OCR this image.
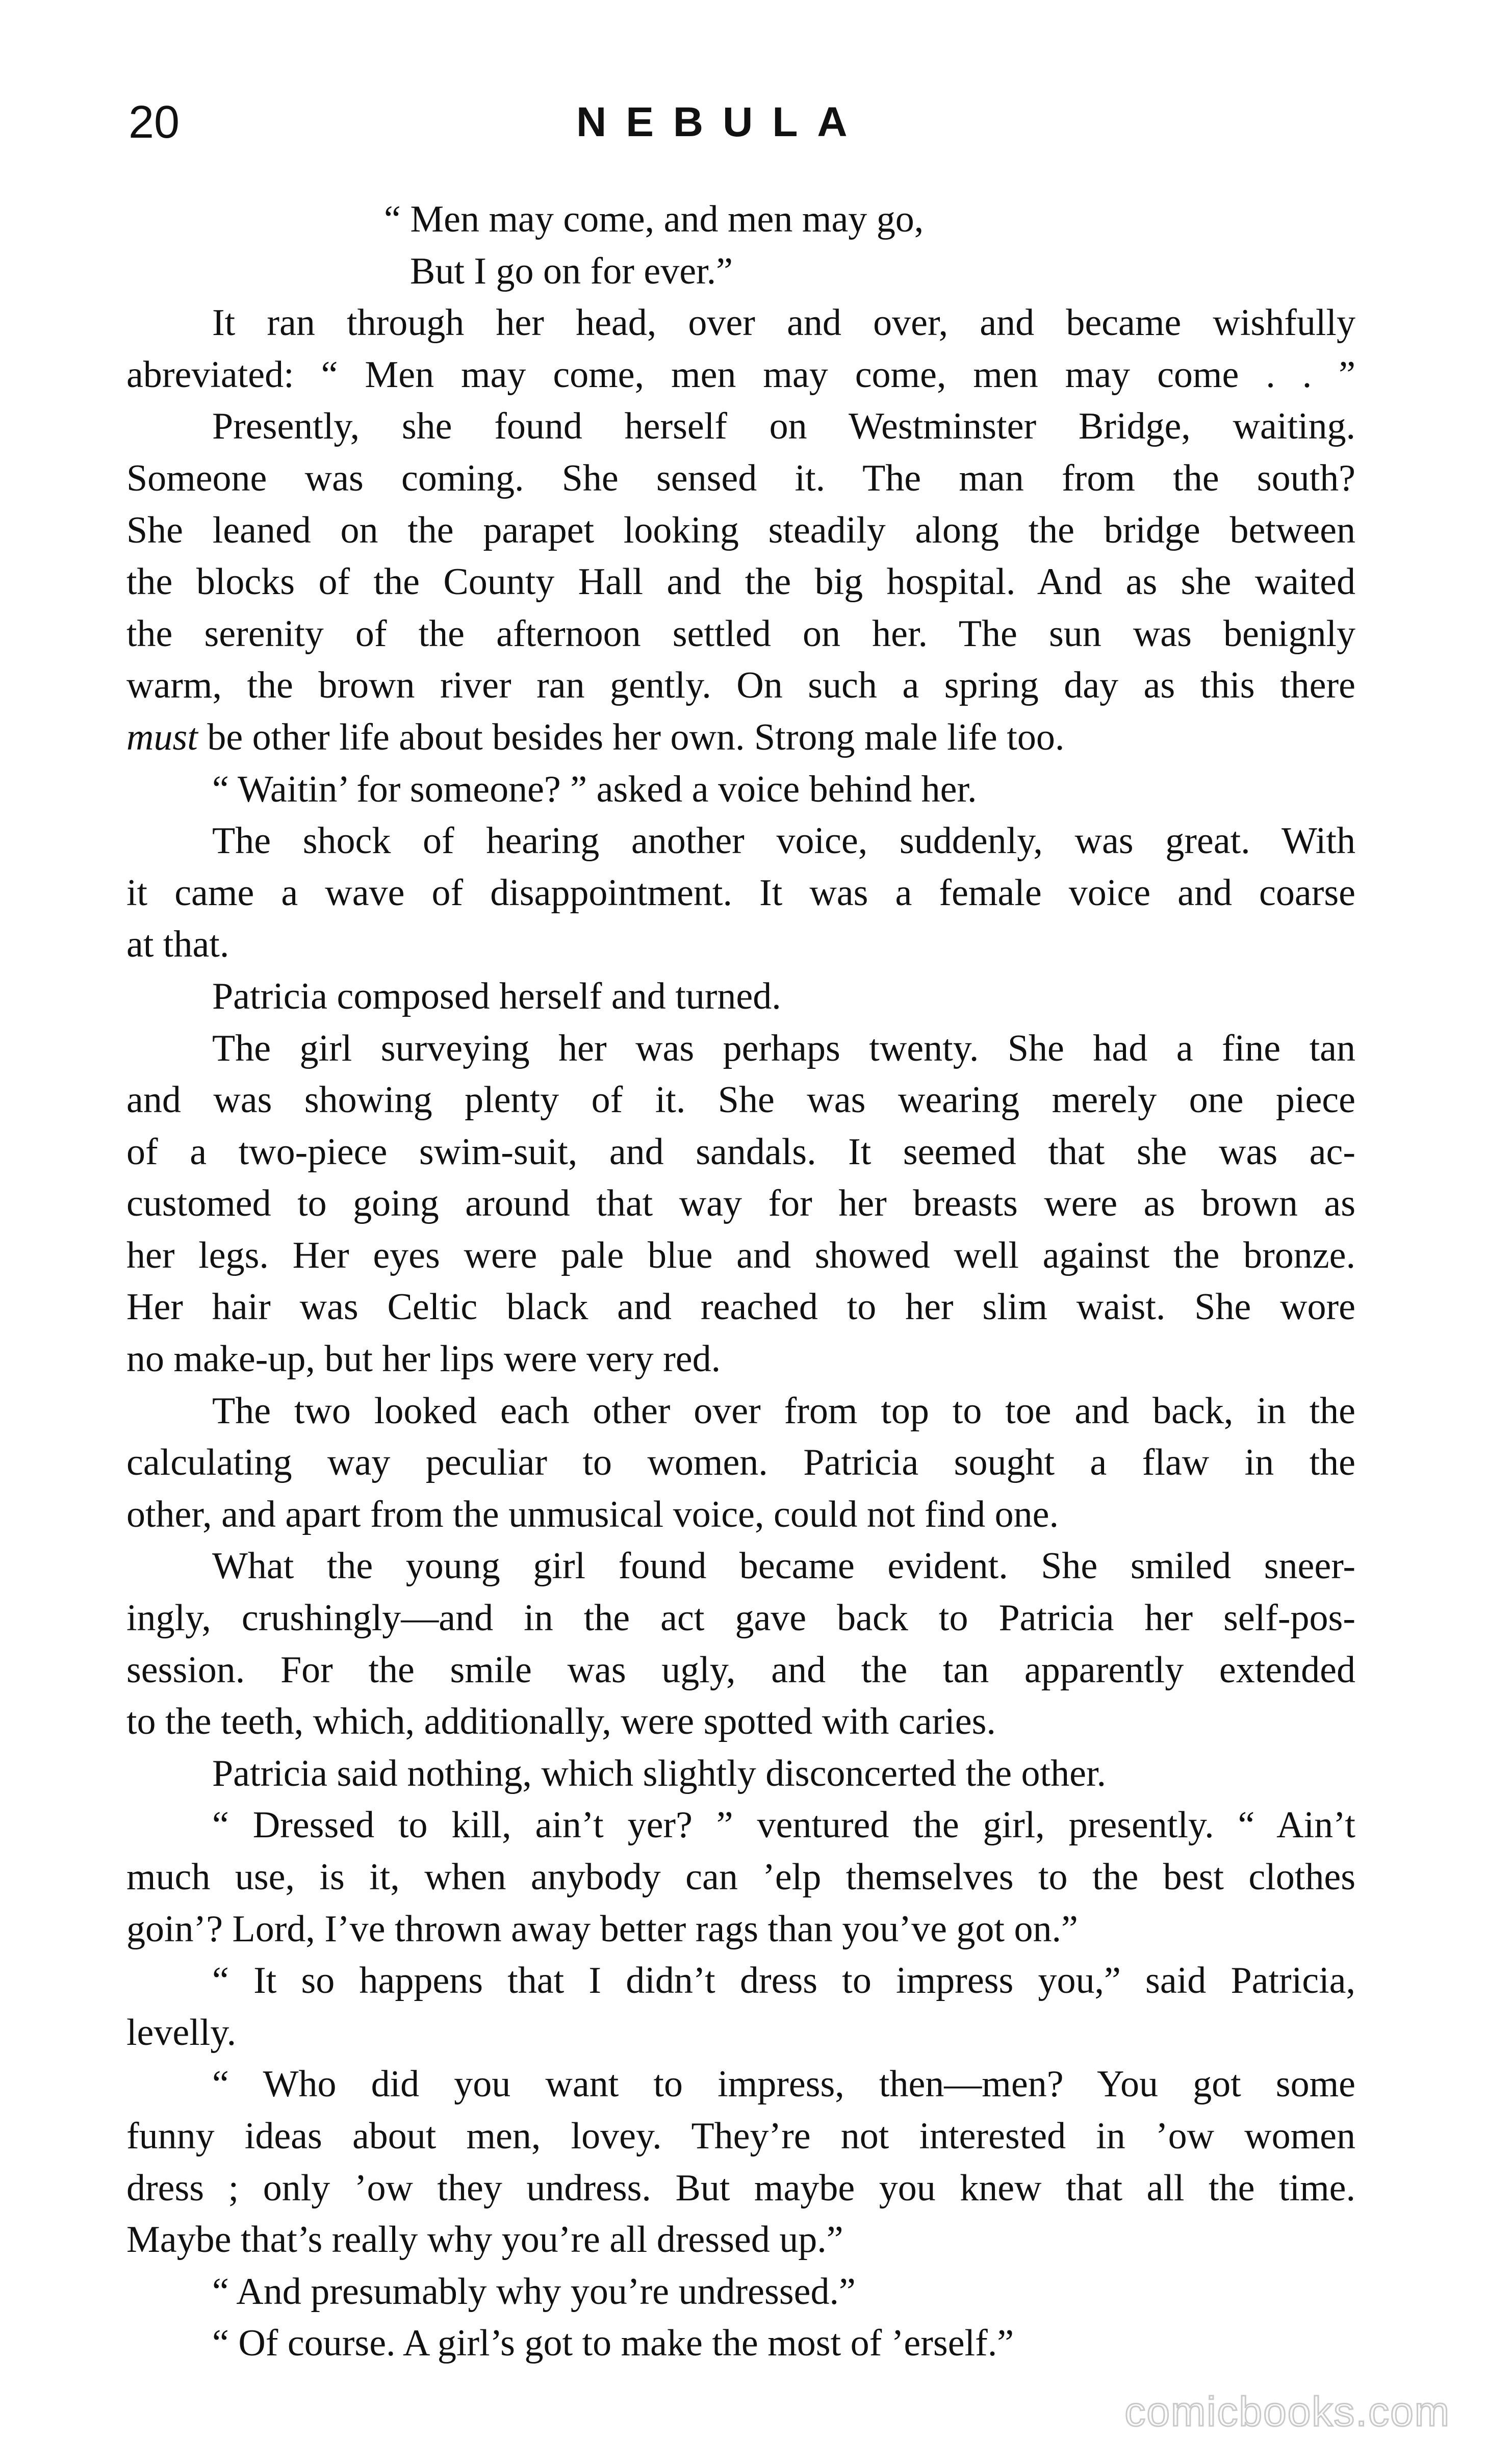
20	NEBULA
“ Men may come, and men may go,
But I go on for ever.”
It ran through her head, over and over, and became wishfully
abreviated: “ Men may come, men may come, men may come . . ”
Presently, she found herself on Westminster Bridge, waiting.
Someone was coming. She sensed it. The man from the south?
She leaned on the parapet looking steadily along the bridge between
the blocks of the County Hall and the big hospital. And as she waited
the serenity of the afternoon settled on her. The sun was benignly
warm, the brown river ran gently. On such a spring day as this there
must be other life about besides her own. Strong male life too.
“ Waitin’ for someone? ” asked a voice behind her.
The shock of hearing another voice, suddenly, was great. With
it came a wave of disappointment. It was a female voice and coarse
at that.
Patricia composed herself and turned.
The girl surveying her was perhaps twenty. She had a fine tan
and was showing plenty of it. She was wearing merely one piece
of a two-piece swim-suit, and sandals. It seemed that she was ac-
customed to going around that way for her breasts were as brown as
her legs. Her eyes were pale blue and showed well against the bronze.
Her hair was Celtic black and reached to her slim waist. She wore
no make-up, but her lips were very red.
The two looked each other over from top to toe and back, in the
calculating way peculiar to women. Patricia sought a flaw in the
other, and apart from the unmusical voice, could not find one.
What the young girl found became evident. She smiled sneer-
ingly, crushingly—and in the act gave back to Patricia her self-pos-
session. For the smile was ugly, and the tan apparently extended
to the teeth, which, additionally, were spotted with caries.
Patricia said nothing, which slightly disconcerted the other.
“ Dressed to kill, ain’t yer? ” ventured the girl, presently. “ Ain’t
much use, is it, when anybody can ’elp themselves to the best clothes
goin’? Lord, I’ve thrown away better rags than you’ve got on.”
“ It so happens that I didn’t dress to impress you,” said Patricia,
levelly.
“ Who did you want to impress, then—men? You got some
funny ideas about men, lovey. They’re not interested in ’ow women
dress ; only ’ow they undress. But maybe you knew that all the time.
Maybe that’s really why you’re all dressed up.”
“ And presumably why you’re undressed.”
“ Of course. A girl’s got to make the most of ’erself.”
comicbooks.com
